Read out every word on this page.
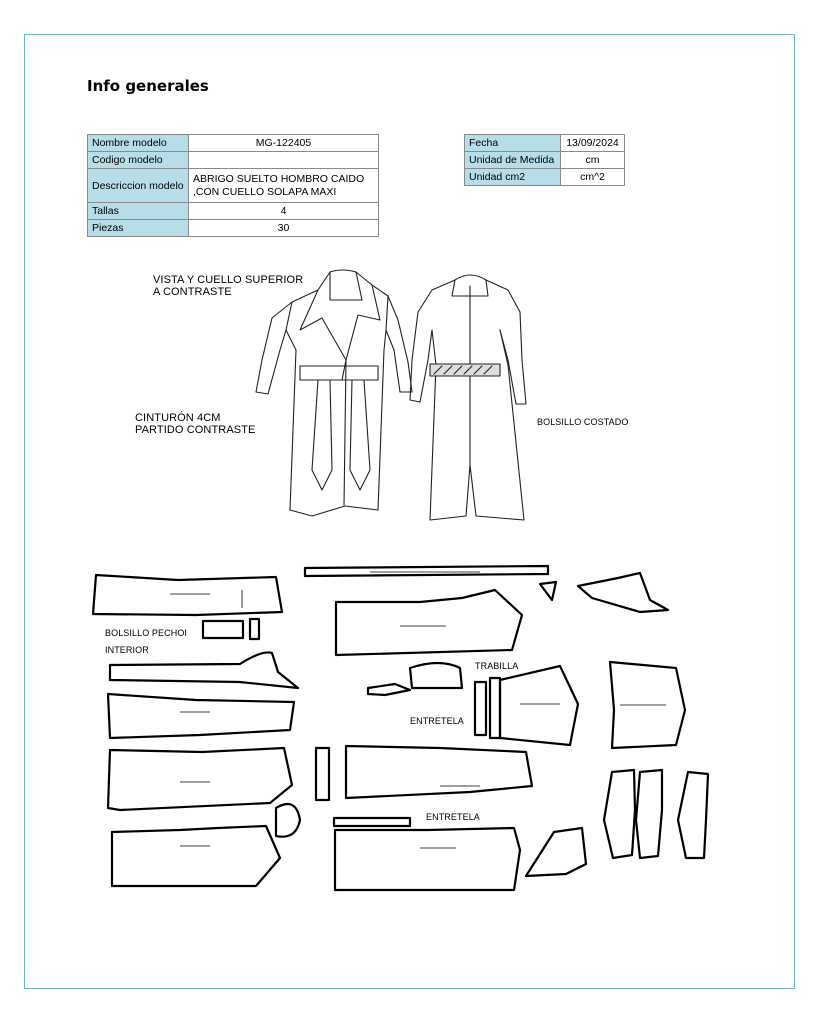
Info generales
Nombre modelo	MG-122405
Codigo modelo	
Descriccion modelo	ABRIGO SUELTO HOMBRO CAIDO ,CON CUELLO SOLAPA MAXI
Tallas	4
Piezas	30
Fecha	13/09/2024
Unidad de Medida	cm
Unidad cm2	cm^2
VISTA Y CUELLO SUPERIOR
A CONTRASTE
CINTURÓN 4CM
PARTIDO CONTRASTE
BOLSILLO COSTADO
BOLSILLO PECHOI
INTERIOR
TRABILLA
ENTRETELA
ENTRETELA
